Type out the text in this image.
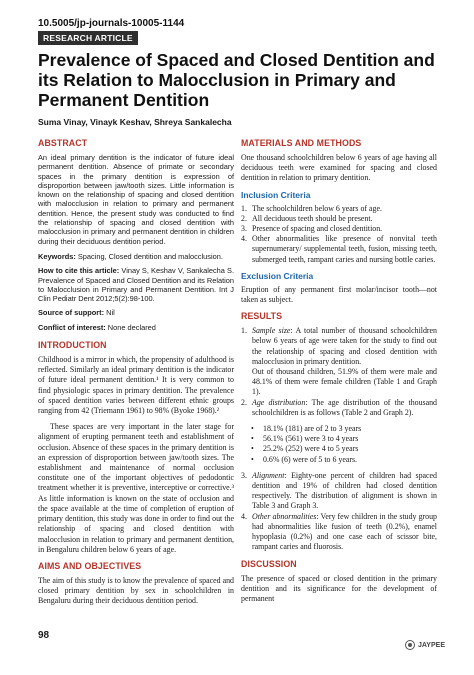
10.5005/jp-journals-10005-1144
RESEARCH ARTICLE
Prevalence of Spaced and Closed Dentition and its Relation to Malocclusion in Primary and Permanent Dentition
Suma Vinay, Vinayk Keshav, Shreya Sankalecha
ABSTRACT

An ideal primary dentition is the indicator of future ideal permanent dentition. Absence of primate or secondary spaces in the primary dentition is expression of disproportion between jaw/tooth sizes. Little information is known on the relationship of spacing and closed dentition with malocclusion in relation to primary and permanent dentition. Hence, the present study was conducted to find the relationship of spacing and closed dentition with malocclusion in primary and permanent dentition in children during their deciduous dentition period.

Keywords: Spacing, Closed dentition and malocclusion.
How to cite this article: Vinay S, Keshav V, Sankalecha S. Prevalence of Spaced and Closed Dentition and its Relation to Malocclusion in Primary and Permanent Dentition. Int J Clin Pediatr Dent 2012;5(2):98-100.
Source of support: Nil
Conflict of interest: None declared
INTRODUCTION

Childhood is a mirror in which, the propensity of adulthood is reflected. Similarly an ideal primary dentition is the indicator of future ideal permanent dentition.¹ It is very common to find physiologic spaces in primary dentition. The prevalence of spaced dentition varies between different ethnic groups ranging from 42 (Triemann 1961) to 98% (Byoke 1968).²

These spaces are very important in the later stage for alignment of erupting permanent teeth and establishment of occlusion. Absence of these spaces in the primary dentition is an expression of disproportion between jaw/tooth sizes. The establishment and maintenance of normal occlusion constitute one of the important objectives of pedodontic treatment whether it is preventive, interceptive or corrective.³ As little information is known on the state of occlusion and the space available at the time of completion of eruption of primary dentition, this study was done in order to find out the relationship of spacing and closed dentition with malocclusion in relation to primary and permanent dentition, in Bengaluru children below 6 years of age.

AIMS AND OBJECTIVES

The aim of this study is to know the prevalence of spaced and closed primary dentition by sex in schoolchildren in Bengaluru during their deciduous dentition period.

MATERIALS AND METHODS

One thousand schoolchildren below 6 years of age having all deciduous teeth were examined for spacing and closed dentition in relation to primary dentition.

Inclusion Criteria
1. The schoolchildren below 6 years of age.
2. All deciduous teeth should be present.
3. Presence of spacing and closed dentition.
4. Other abnormalities like presence of nonvital teeth supernumerary/ supplemental teeth, fusion, missing teeth, submerged teeth, rampant caries and nursing bottle caries.
Exclusion Criteria

Eruption of any permanent first molar/incisor tooth—not taken as subject.

RESULTS
1. Sample size: A total number of thousand schoolchildren below 6 years of age were taken for the study to find out the relationship of spacing and closed dentition with malocclusion in primary dentition.
Out of thousand children, 51.9% of them were male and 48.1% of them were female children (Table 1 and Graph 1).
2. Age distribution: The age distribution of the thousand schoolchildren is as follows (Table 2 and Graph 2).
• 18.1% (181) are of 2 to 3 years
• 56.1% (561) were 3 to 4 years
• 25.2% (252) were 4 to 5 years
• 0.6% (6) were of 5 to 6 years.
3. Alignment: Eighty-one percent of children had spaced dentition and 19% of children had closed dentition respectively. The distribution of alignment is shown in Table 3 and Graph 3.
4. Other abnormalities: Very few children in the study group had abnormalities like fusion of teeth (0.2%), enamel hypoplasia (0.2%) and one case each of scissor bite, rampant caries and fluorosis.
DISCUSSION

The presence of spaced or closed dentition in the primary dentition and its significance for the development of permanent

98
JAYPEE
